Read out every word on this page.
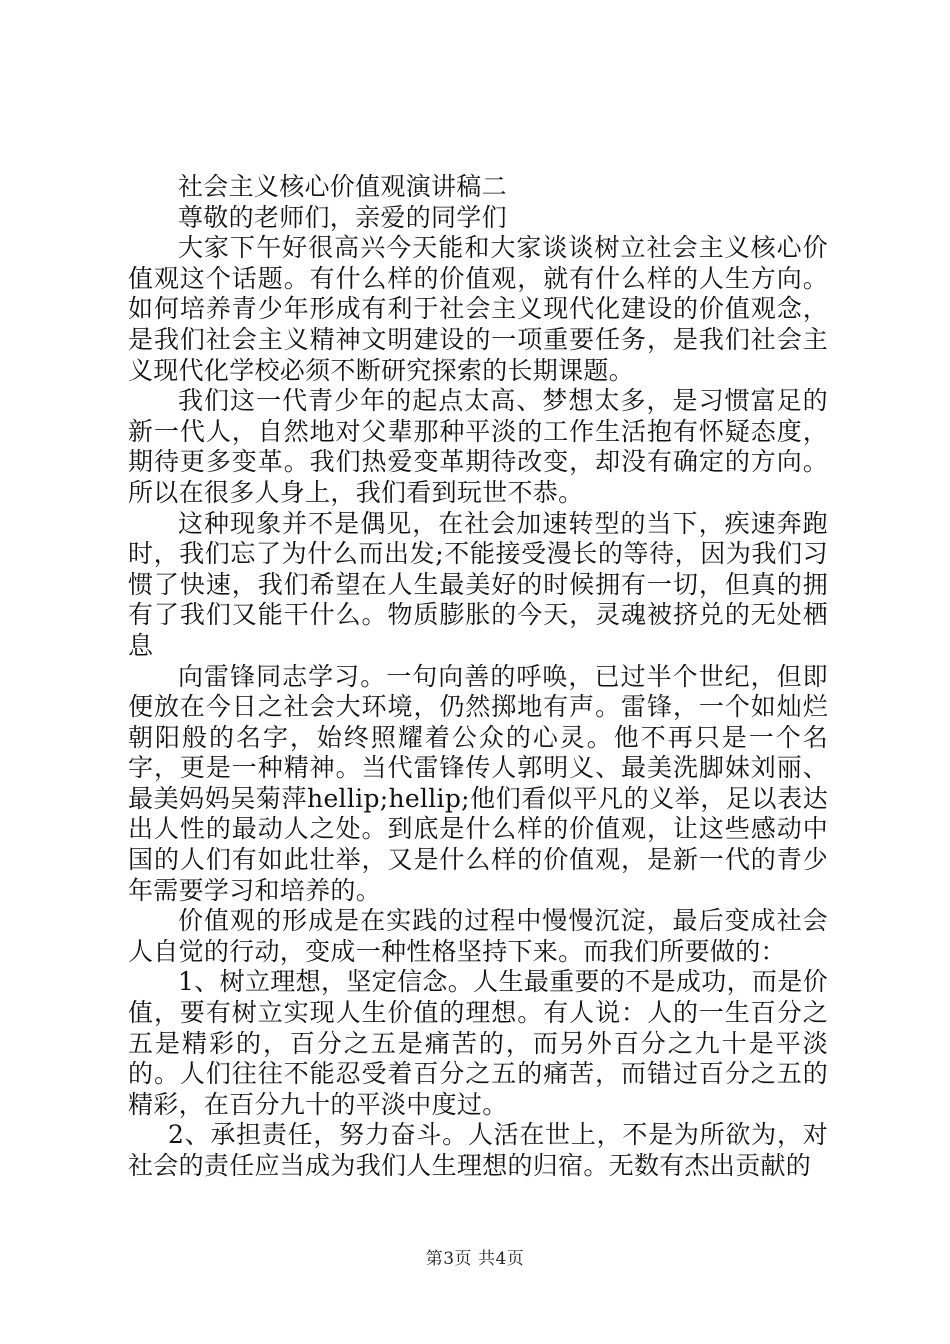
社会主义核心价值观演讲稿二

尊敬的老师们，亲爱的同学们

大家下午好很高兴今天能和大家谈谈树立社会主义核心价值观这个话题。有什么样的价值观，就有什么样的人生方向。如何培养青少年形成有利于社会主义现代化建设的价值观念，是我们社会主义精神文明建设的一项重要任务，是我们社会主义现代化学校必须不断研究探索的长期课题。

我们这一代青少年的起点太高、梦想太多，是习惯富足的新一代人，自然地对父辈那种平淡的工作生活抱有怀疑态度，期待更多变革。我们热爱变革期待改变，却没有确定的方向。所以在很多人身上，我们看到玩世不恭。

这种现象并不是偶见，在社会加速转型的当下，疾速奔跑时，我们忘了为什么而出发;不能接受漫长的等待，因为我们习惯了快速，我们希望在人生最美好的时候拥有一切，但真的拥有了我们又能干什么。物质膨胀的今天，灵魂被挤兑的无处栖息

向雷锋同志学习。一句向善的呼唤，已过半个世纪，但即便放在今日之社会大环境，仍然掷地有声。雷锋，一个如灿烂朝阳般的名字，始终照耀着公众的心灵。他不再只是一个名字，更是一种精神。当代雷锋传人郭明义、最美洗脚妹刘丽、最美妈妈吴菊萍hellip;hellip;他们看似平凡的义举，足以表达出人性的最动人之处。到底是什么样的价值观，让这些感动中国的人们有如此壮举，又是什么样的价值观，是新一代的青少年需要学习和培养的。

价值观的形成是在实践的过程中慢慢沉淀，最后变成社会人自觉的行动，变成一种性格坚持下来。而我们所要做的：

1、树立理想，坚定信念。人生最重要的不是成功，而是价值，要有树立实现人生价值的理想。有人说：人的一生百分之五是精彩的，百分之五是痛苦的，而另外百分之九十是平淡的。人们往往不能忍受着百分之五的痛苦，而错过百分之五的精彩，在百分九十的平淡中度过。

2、承担责任，努力奋斗。人活在世上，不是为所欲为，对社会的责任应当成为我们人生理想的归宿。无数有杰出贡献的

第3页 共4页
